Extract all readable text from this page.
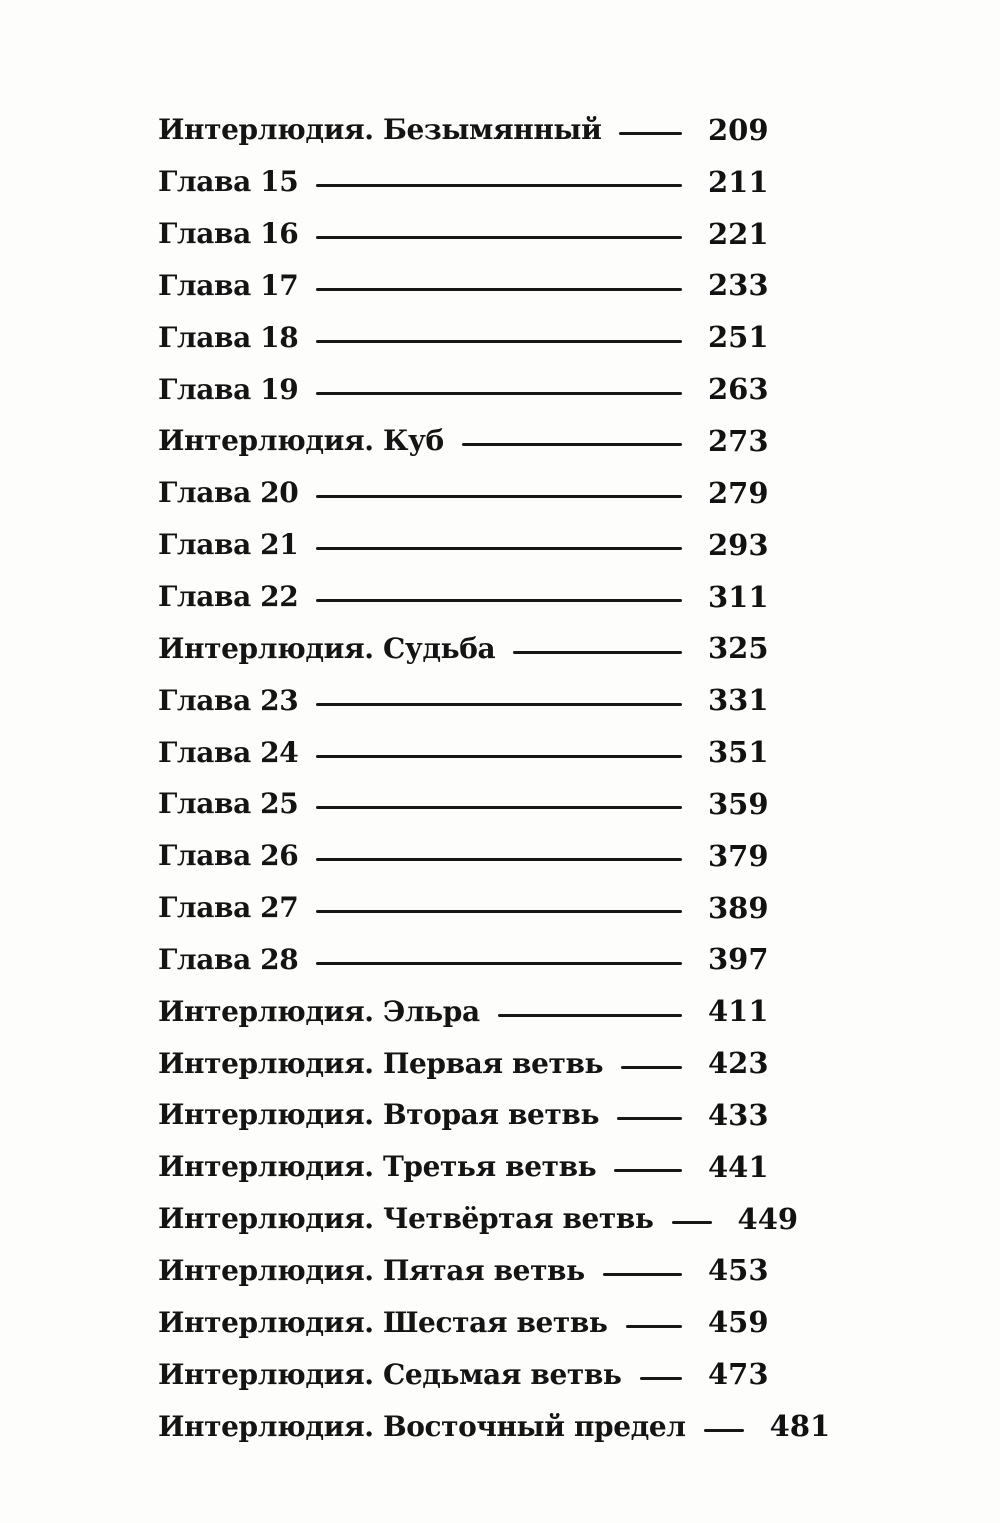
Интерлюдия. Безымянный	209
Глава 15	211
Глава 16	221
Глава 17	233
Глава 18	251
Глава 19	263
Интерлюдия. Куб	273
Глава 20	279
Глава 21	293
Глава 22	311
Интерлюдия. Судьба	325
Глава 23	331
Глава 24	351
Глава 25	359
Глава 26	379
Глава 27	389
Глава 28	397
Интерлюдия. Эльра	411
Интерлюдия. Первая ветвь	423
Интерлюдия. Вторая ветвь	433
Интерлюдия. Третья ветвь	441
Интерлюдия. Четвёртая ветвь	449
Интерлюдия. Пятая ветвь	453
Интерлюдия. Шестая ветвь	459
Интерлюдия. Седьмая ветвь	473
Интерлюдия. Восточный предел	481
